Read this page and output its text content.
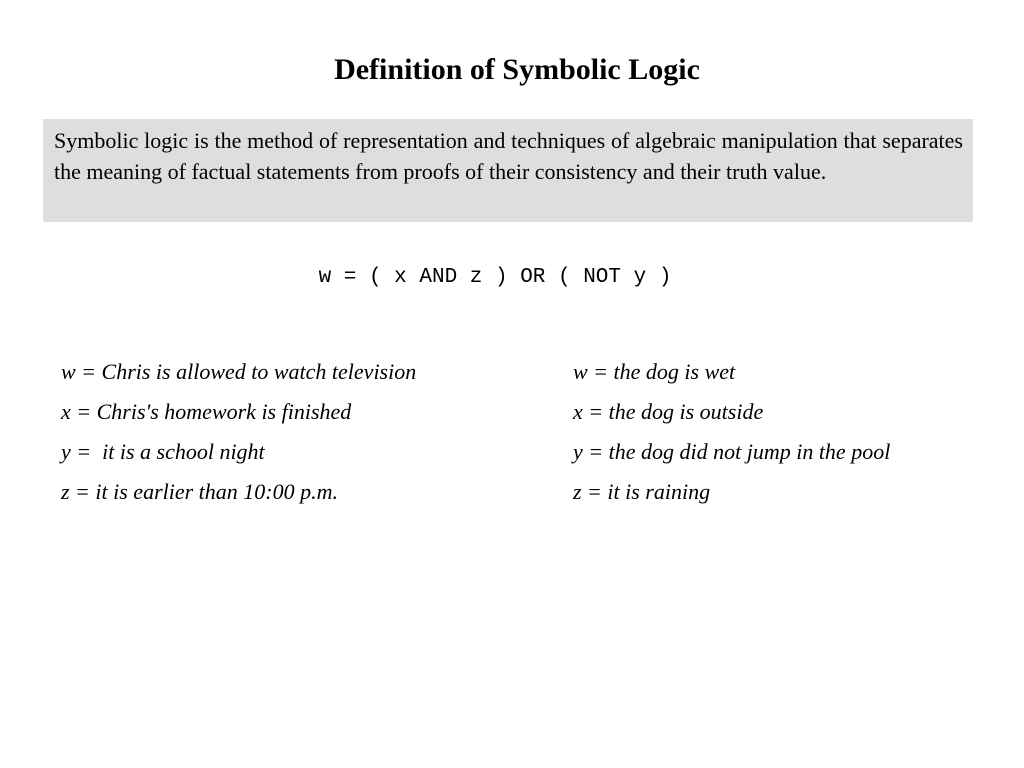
Definition of Symbolic Logic

Symbolic logic is the method of representation and techniques of algebraic manipulation that separates the meaning of factual statements from proofs of their consistency and their truth value.

w = ( x AND z ) OR ( NOT y )

w = Chris is allowed to watch television
x = Chris's homework is finished
y =  it is a school night
z = it is earlier than 10:00 p.m.
w = the dog is wet
x = the dog is outside
y = the dog did not jump in the pool
z = it is raining
